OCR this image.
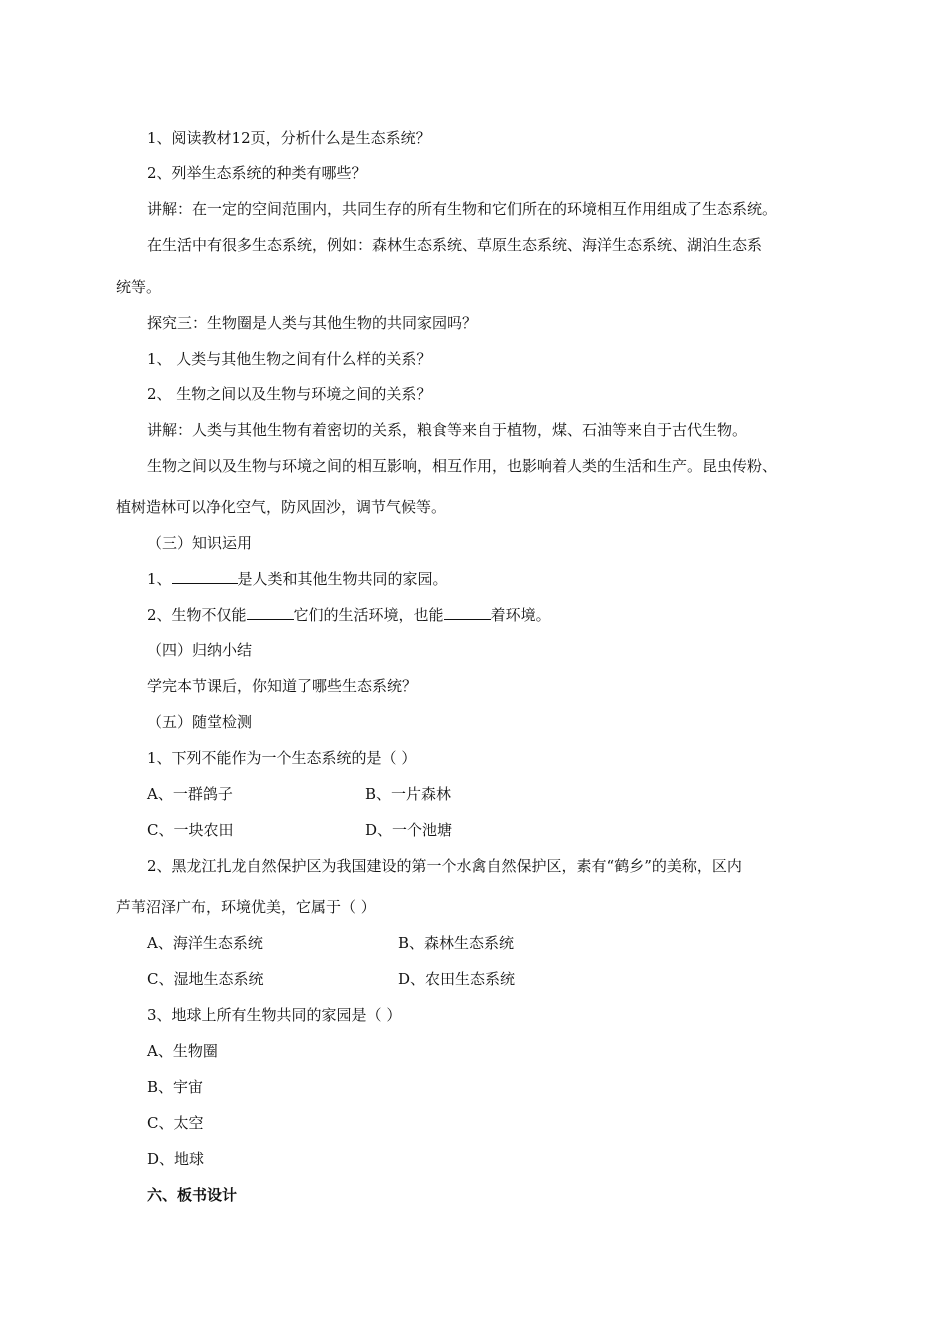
1、阅读教材12页，分析什么是生态系统？
2、列举生态系统的种类有哪些？
讲解：在一定的空间范围内，共同生存的所有生物和它们所在的环境相互作用组成了生态系统。
在生活中有很多生态系统，例如：森林生态系统、草原生态系统、海洋生态系统、湖泊生态系
统等。
探究三：生物圈是人类与其他生物的共同家园吗？
1、 人类与其他生物之间有什么样的关系？
2、 生物之间以及生物与环境之间的关系？
讲解：人类与其他生物有着密切的关系，粮食等来自于植物，煤、石油等来自于古代生物。
生物之间以及生物与环境之间的相互影响，相互作用，也影响着人类的生活和生产。昆虫传粉、
植树造林可以净化空气，防风固沙，调节气候等。
（三）知识运用
1、	是人类和其他生物共同的家园。
2、生物不仅能	它们的生活环境，也能	着环境。
（四）归纳小结
学完本节课后，你知道了哪些生态系统？
（五）随堂检测
1、下列不能作为一个生态系统的是（ ）
A、一群鸽子	B、一片森林
C、一块农田	D、一个池塘
2、黑龙江扎龙自然保护区为我国建设的第一个水禽自然保护区，素有“鹤乡”的美称，区内
芦苇沼泽广布，环境优美，它属于（ ）
A、海洋生态系统	B、森林生态系统
C、湿地生态系统	D、农田生态系统
3、地球上所有生物共同的家园是（ ）
A、生物圈
B、宇宙
C、太空
D、地球
六、板书设计
